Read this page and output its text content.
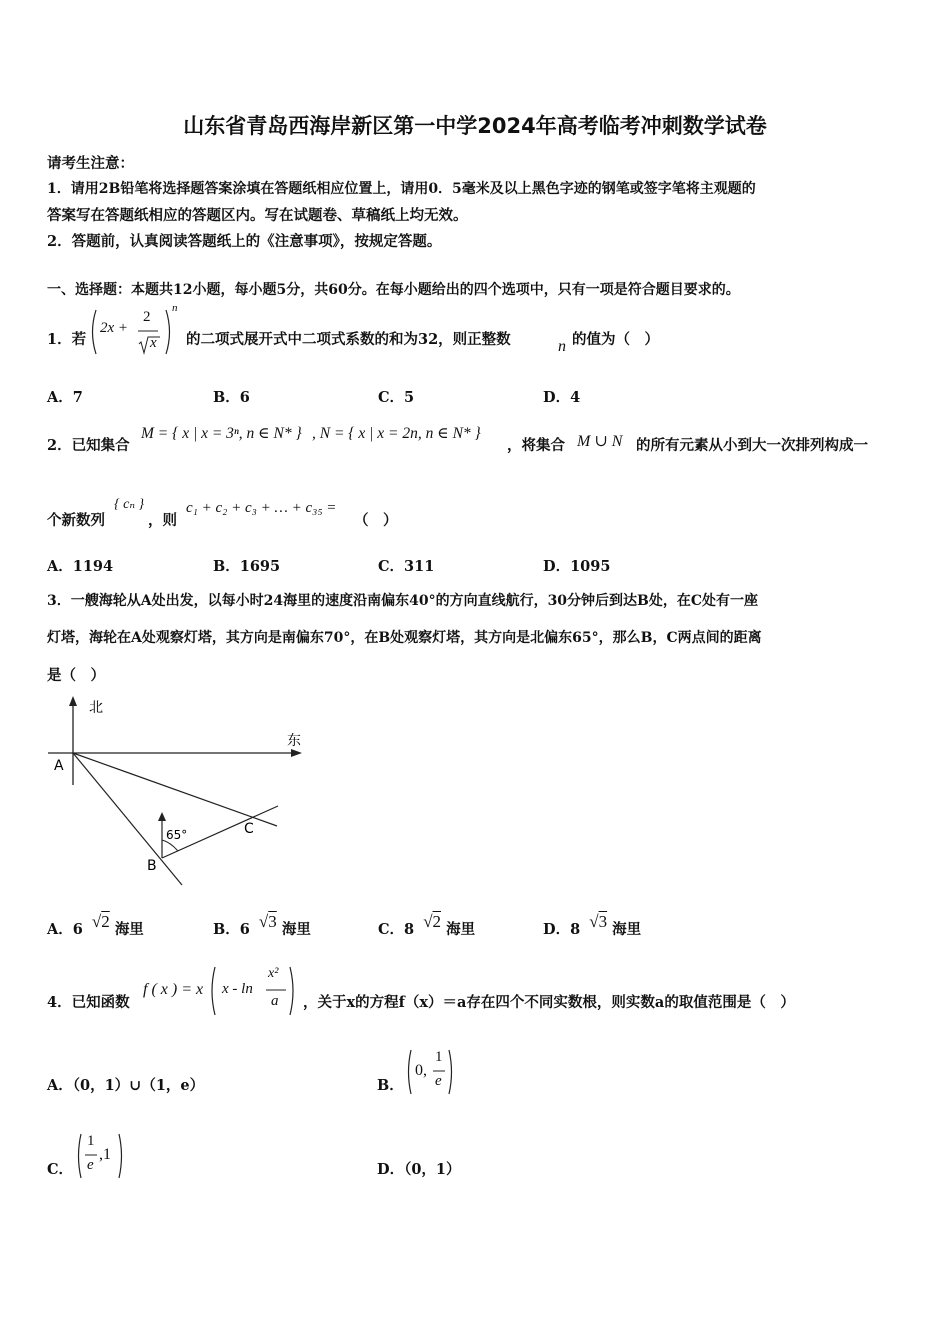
山东省青岛西海岸新区第一中学2024年高考临考冲刺数学试卷
请考生注意：
1．请用2B铅笔将选择题答案涂填在答题纸相应位置上，请用0．5毫米及以上黑色字迹的钢笔或签字笔将主观题的
答案写在答题纸相应的答题区内。写在试题卷、草稿纸上均无效。
2．答题前，认真阅读答题纸上的《注意事项》，按规定答题。
一、选择题：本题共12小题，每小题5分，共60分。在每小题给出的四个选项中，只有一项是符合题目要求的。
1．若
2x +
2
x
n
的二项式展开式中二项式系数的和为32，则正整数	n 的值为（　）
A．7	B．6	C．5	D．4
2．已知集合
M = { x | x = 3ⁿ, n ∈ N* } , N = { x | x = 2n, n ∈ N* }
，将集合 M ∪ N 的所有元素从小到大一次排列构成一
个新数列
{ cₙ }
，则
c₁ + c₂ + c₃ + … + c₃₅ =
（　）
A．1194	B．1695	C．311	D．1095
3．一艘海轮从A处出发，以每小时24海里的速度沿南偏东40°的方向直线航行，30分钟后到达B处，在C处有一座
灯塔，海轮在A处观察灯塔，其方向是南偏东70°，在B处观察灯塔，其方向是北偏东65°，那么B，C两点间的距离
是（　）
北
东
A
B
C
65°
A．6 √2 海里	B．6 √3 海里	C．8 √2 海里	D．8 √3 海里
4．已知函数
f ( x ) = x x - ln
x²
a ，关于x的方程f（x）＝a存在四个不同实数根，则实数a的取值范围是（　）
A．（0，1）∪（1，e）	B．
0,
1
e
C．
1
e
,1
D．（0，1）
